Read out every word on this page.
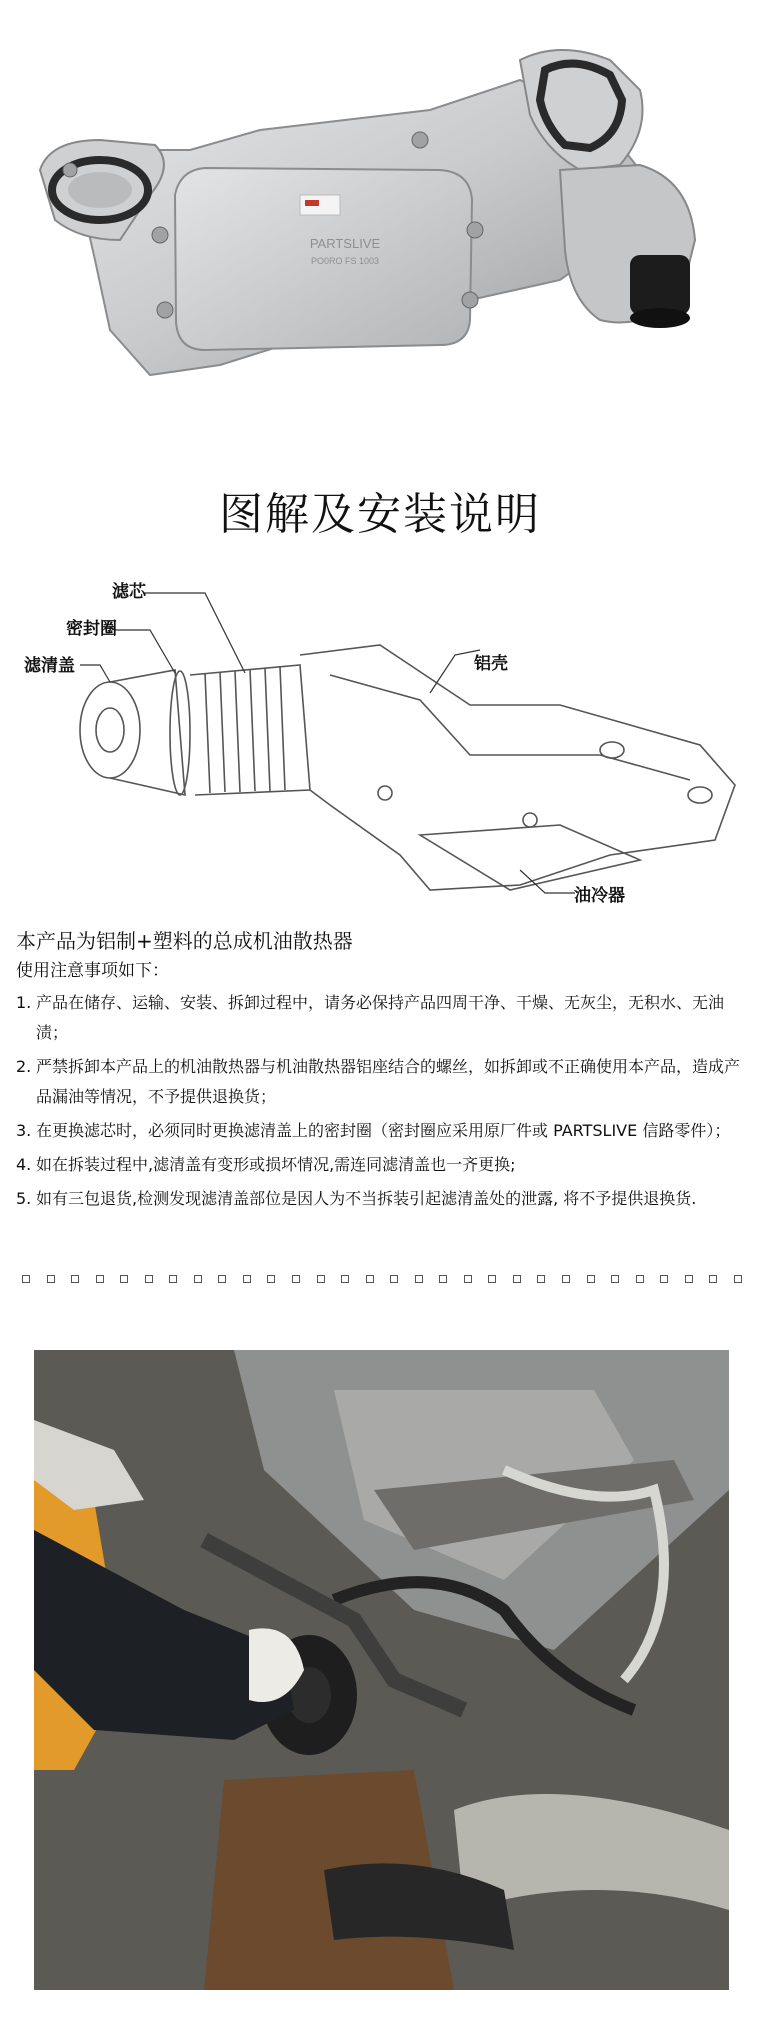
PARTSLIVE
PO0RO FS 1003
图解及安装说明
滤芯
密封圈
滤清盖	铝壳
油冷器
本产品为铝制+塑料的总成机油散热器
使用注意事项如下：
1. 产品在储存、运输、安装、拆卸过程中，请务必保持产品四周干净、干燥、无灰尘，无积水、无油渍；
2. 严禁拆卸本产品上的机油散热器与机油散热器铝座结合的螺丝，如拆卸或不正确使用本产品，造成产品漏油等情况，不予提供退换货；
3. 在更换滤芯时，必须同时更换滤清盖上的密封圈（密封圈应采用原厂件或 PARTSLIVE 信路零件）；
4. 如在拆装过程中,滤清盖有变形或损坏情况,需连同滤清盖也一齐更换;
5. 如有三包退货,检测发现滤清盖部位是因人为不当拆装引起滤清盖处的泄露, 将不予提供退换货.
